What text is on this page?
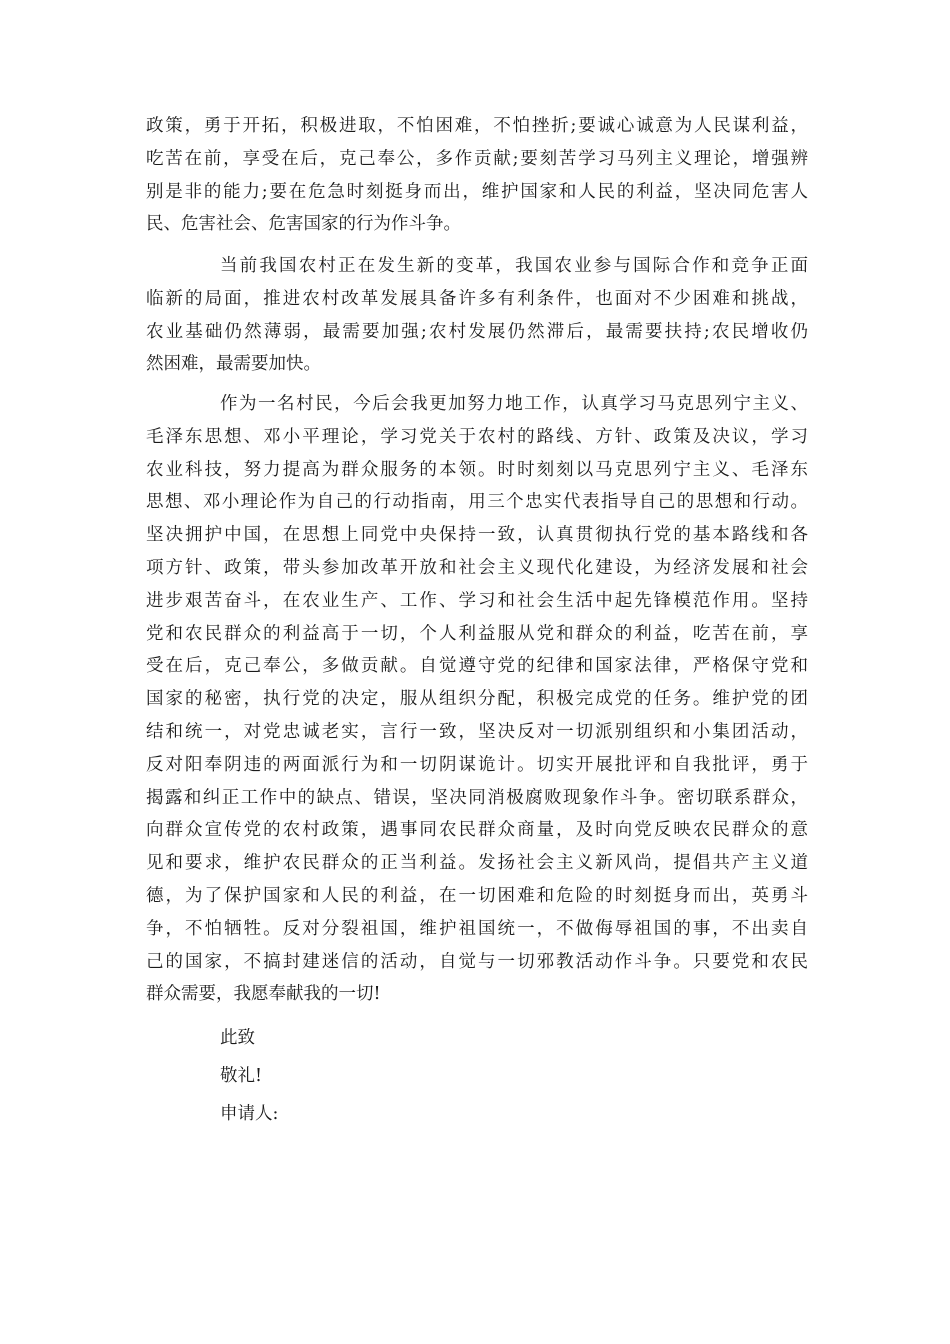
政策，勇于开拓，积极进取，不怕困难，不怕挫折;要诚心诚意为人民谋利益，
吃苦在前，享受在后，克己奉公，多作贡献;要刻苦学习马列主义理论，增强辨
别是非的能力;要在危急时刻挺身而出，维护国家和人民的利益，坚决同危害人
民、危害社会、危害国家的行为作斗争。
当前我国农村正在发生新的变革，我国农业参与国际合作和竞争正面
临新的局面，推进农村改革发展具备许多有利条件，也面对不少困难和挑战，
农业基础仍然薄弱，最需要加强;农村发展仍然滞后，最需要扶持;农民增收仍
然困难，最需要加快。
作为一名村民，今后会我更加努力地工作，认真学习马克思列宁主义、
毛泽东思想、邓小平理论，学习党关于农村的路线、方针、政策及决议，学习
农业科技，努力提高为群众服务的本领。时时刻刻以马克思列宁主义、毛泽东
思想、邓小理论作为自己的行动指南，用三个忠实代表指导自己的思想和行动。
坚决拥护中国，在思想上同党中央保持一致，认真贯彻执行党的基本路线和各
项方针、政策，带头参加改革开放和社会主义现代化建设，为经济发展和社会
进步艰苦奋斗，在农业生产、工作、学习和社会生活中起先锋模范作用。坚持
党和农民群众的利益高于一切，个人利益服从党和群众的利益，吃苦在前，享
受在后，克己奉公，多做贡献。自觉遵守党的纪律和国家法律，严格保守党和
国家的秘密，执行党的决定，服从组织分配，积极完成党的任务。维护党的团
结和统一，对党忠诚老实，言行一致，坚决反对一切派别组织和小集团活动，
反对阳奉阴违的两面派行为和一切阴谋诡计。切实开展批评和自我批评，勇于
揭露和纠正工作中的缺点、错误，坚决同消极腐败现象作斗争。密切联系群众，
向群众宣传党的农村政策，遇事同农民群众商量，及时向党反映农民群众的意
见和要求，维护农民群众的正当利益。发扬社会主义新风尚，提倡共产主义道
德，为了保护国家和人民的利益，在一切困难和危险的时刻挺身而出，英勇斗
争，不怕牺牲。反对分裂祖国，维护祖国统一，不做侮辱祖国的事，不出卖自
己的国家，不搞封建迷信的活动，自觉与一切邪教活动作斗争。只要党和农民
群众需要，我愿奉献我的一切!
此致
敬礼!
申请人:
